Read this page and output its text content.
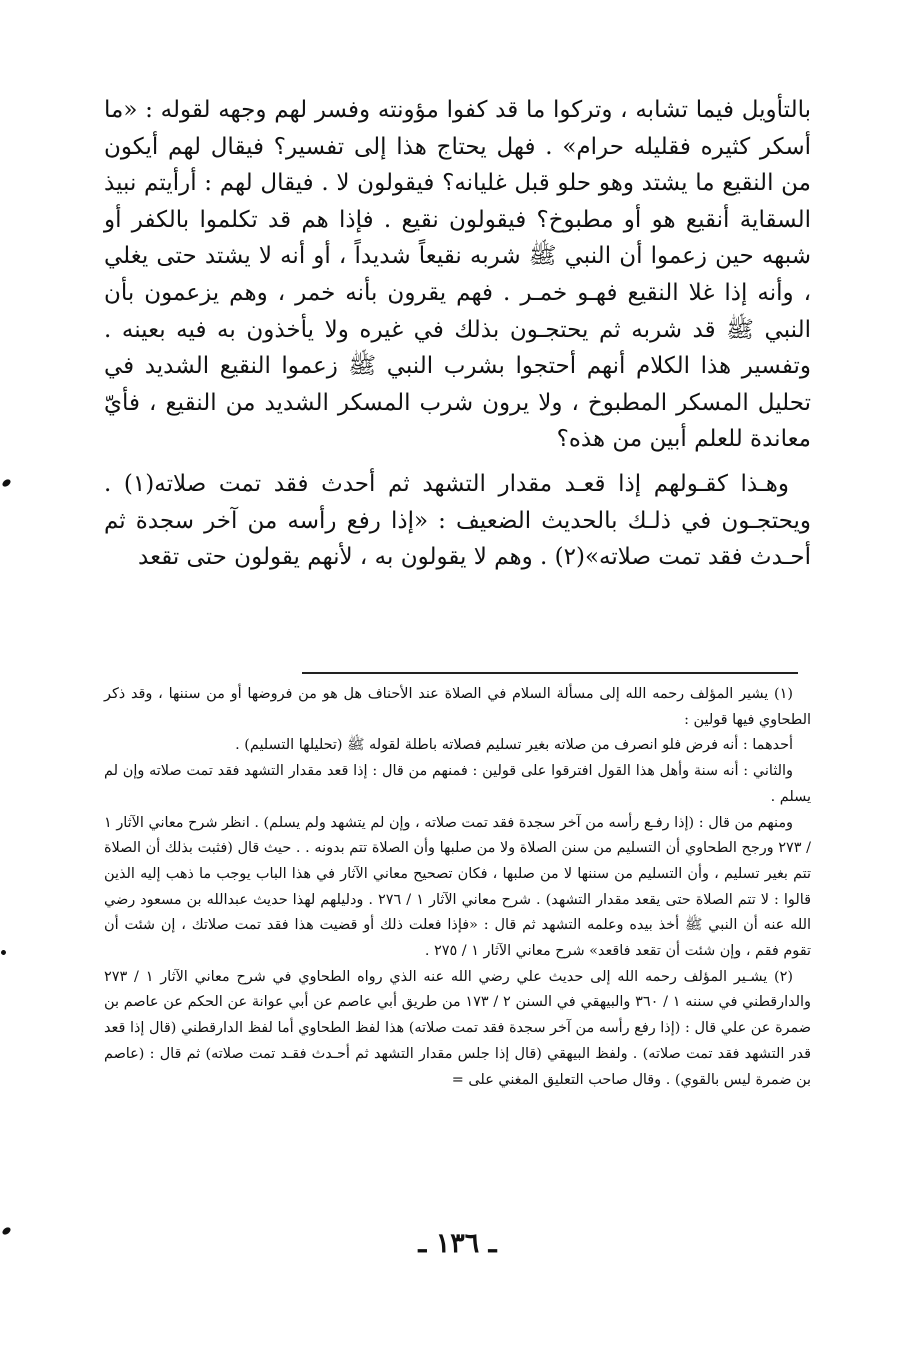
بالتأويل فيما تشابه ، وتركوا ما قد كفوا مؤونته وفسر لهم وجهه لقوله : «ما أسكر كثيره فقليله حرام» . فهل يحتاج هذا إلى تفسير؟ فيقال لهم أيكون من النقيع ما يشتد وهو حلو قبل غليانه؟ فيقولون لا . فيقال لهم : أرأيتم نبيذ السقاية أنقيع هو أو مطبوخ؟ فيقولون نقيع . فإذا هم قد تكلموا بالكفر أو شبهه حين زعموا أن النبي ﷺ شربه نقيعاً شديداً ، أو أنه لا يشتد حتى يغلي ، وأنه إذا غلا النقيع فهـو خمـر . فهم يقرون بأنه خمر ، وهم يزعمون بأن النبي ﷺ قد شربه ثم يحتجـون بذلك في غيره ولا يأخذون به فيه بعينه . وتفسير هذا الكلام أنهم أحتجوا بشرب النبي ﷺ زعموا النقيع الشديد في تحليل المسكر المطبوخ ، ولا يرون شرب المسكر الشديد من النقيع ، فأيّ معاندة للعلم أبين من هذه؟

وهـذا كقـولهم إذا قعـد مقدار التشهد ثم أحدث فقد تمت صلاته(١) . ويحتجـون في ذلـك بالحديث الضعيف : «إذا رفع رأسه من آخر سجدة ثم أحـدث فقد تمت صلاته»(٢) . وهم لا يقولون به ، لأنهم يقولون حتى تقعد

(١) يشير المؤلف رحمه الله إلى مسألة السلام في الصلاة عند الأحناف هل هو من فروضها أو من سننها ، وقد ذكر الطحاوي فيها قولين :

أحدهما : أنه فرض فلو انصرف من صلاته بغير تسليم فصلاته باطلة لقوله ﷺ (تحليلها التسليم) .

والثاني : أنه سنة وأهل هذا القول افترقوا على قولين : فمنهم من قال : إذا قعد مقدار التشهد فقد تمت صلاته وإن لم يسلم .

ومنهم من قال : (إذا رفـع رأسه من آخر سجدة فقد تمت صلاته ، وإن لم يتشهد ولم يسلم) . انظر شرح معاني الآثار ١ / ٢٧٣ ورجح الطحاوي أن التسليم من سنن الصلاة ولا من صلبها وأن الصلاة تتم بدونه . . حيث قال (فثبت بذلك أن الصلاة تتم بغير تسليم ، وأن التسليم من سننها لا من صلبها ، فكان تصحيح معاني الآثار في هذا الباب يوجب ما ذهب إليه الذين قالوا : لا تتم الصلاة حتى يقعد مقدار التشهد) . شرح معاني الآثار ١ / ٢٧٦ . ودليلهم لهذا حديث عبدالله بن مسعود رضي الله عنه أن النبي ﷺ أخذ بيده وعلمه التشهد ثم قال : «فإذا فعلت ذلك أو قضيت هذا فقد تمت صلاتك ، إن شئت أن تقوم فقم ، وإن شئت أن تقعد فاقعد» شرح معاني الآثار ١ / ٢٧٥ .

(٢) يشـير المؤلف رحمه الله إلى حديث علي رضي الله عنه الذي رواه الطحاوي في شرح معاني الآثار ١ / ٢٧٣ والدارقطني في سننه ١ / ٣٦٠ والبيهقي في السنن ٢ / ١٧٣ من طريق أبي عاصم عن أبي عوانة عن الحكم عن عاصم بن ضمرة عن علي قال : (إذا رفع رأسه من آخر سجدة فقد تمت صلاته) هذا لفظ الطحاوي أما لفظ الدارقطني (قال إذا قعد قدر التشهد فقد تمت صلاته) . ولفظ البيهقي (قال إذا جلس مقدار التشهد ثم أحـدث فقـد تمت صلاته) ثم قال : (عاصم بن ضمرة ليس بالقوي) . وقال صاحب التعليق المغني على =

ـ ١٣٦ ـ
